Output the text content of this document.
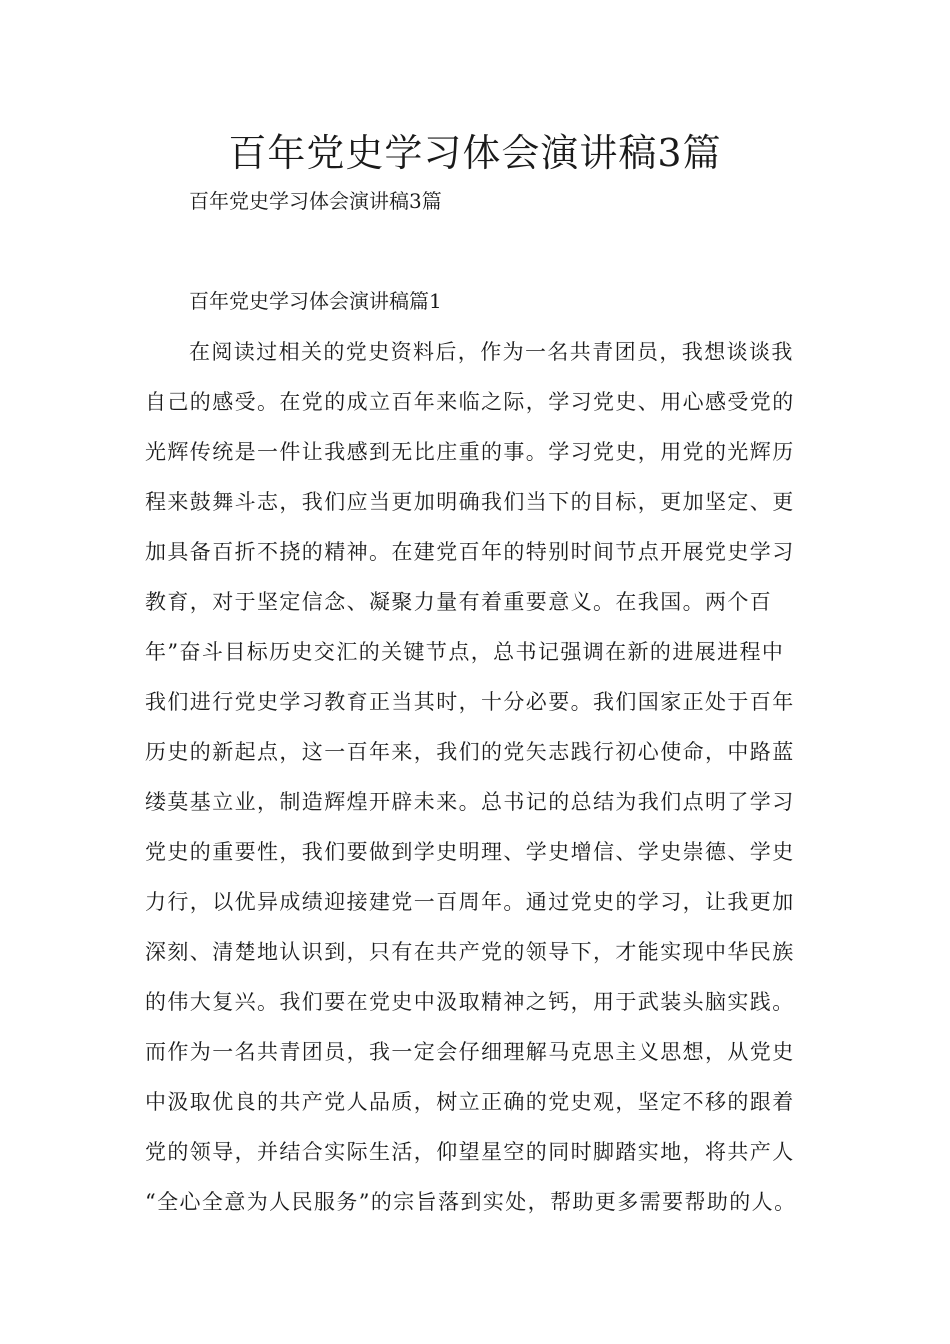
百年党史学习体会演讲稿3篇
百年党史学习体会演讲稿3篇
百年党史学习体会演讲稿篇1
在阅读过相关的党史资料后，作为一名共青团员，我想谈谈我
自己的感受。在党的成立百年来临之际，学习党史、用心感受党的
光辉传统是一件让我感到无比庄重的事。学习党史，用党的光辉历
程来鼓舞斗志，我们应当更加明确我们当下的目标，更加坚定、更
加具备百折不挠的精神。在建党百年的特别时间节点开展党史学习
教育，对于坚定信念、凝聚力量有着重要意义。在我国。两个百
年”奋斗目标历史交汇的关键节点，总书记强调在新的进展进程中
我们进行党史学习教育正当其时，十分必要。我们国家正处于百年
历史的新起点，这一百年来，我们的党矢志践行初心使命，中路蓝
缕莫基立业，制造辉煌开辟未来。总书记的总结为我们点明了学习
党史的重要性，我们要做到学史明理、学史增信、学史崇德、学史
力行，以优异成绩迎接建党一百周年。通过党史的学习，让我更加
深刻、清楚地认识到，只有在共产党的领导下，才能实现中华民族
的伟大复兴。我们要在党史中汲取精神之钙，用于武装头脑实践。
而作为一名共青团员，我一定会仔细理解马克思主义思想，从党史
中汲取优良的共产党人品质，树立正确的党史观，坚定不移的跟着
党的领导，并结合实际生活，仰望星空的同时脚踏实地，将共产人
“全心全意为人民服务”的宗旨落到实处，帮助更多需要帮助的人。
